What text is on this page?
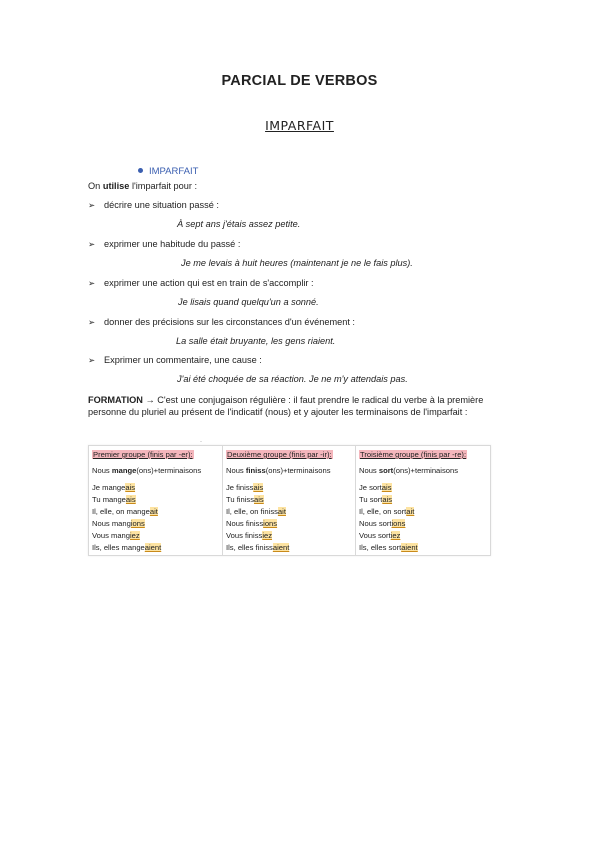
PARCIAL DE VERBOS
IMPARFAIT
IMPARFAIT
On utilise l'imparfait pour :
➢ décrire une situation passé :
À sept ans j'étais assez petite.
➢ exprimer une habitude du passé :
Je me levais à huit heures (maintenant je ne le fais plus).
➢ exprimer une action qui est en train de s'accomplir :
Je lisais quand quelqu'un a sonné.
➢ donner des précisions sur les circonstances d'un événement :
La salle était bruyante, les gens riaient.
➢ Exprimer un commentaire, une cause :
J'ai été choquée de sa réaction. Je ne m'y attendais pas.
FORMATION → C'est une conjugaison régulière : il faut prendre le radical du verbe à la première personne du pluriel au présent de l'indicatif (nous) et y ajouter les terminaisons de l'imparfait :
·
Premier groupe (finis par -er):
Nous mange(ons)+terminaisons
Je mangeais
Tu mangeais
Il, elle, on mangeait
Nous mangions
Vous mangiez
Ils, elles mangeaient
Deuxième groupe (finis par -ir):
Nous finiss(ons)+terminaisons
Je finissais
Tu finissais
Il, elle, on finissait
Nous finissions
Vous finissiez
Ils, elles finissaient
Troisième groupe (finis par -re):
Nous sort(ons)+terminaisons
Je sortais
Tu sortais
Il, elle, on sortait
Nous sortions
Vous sortiez
Ils, elles sortaient
